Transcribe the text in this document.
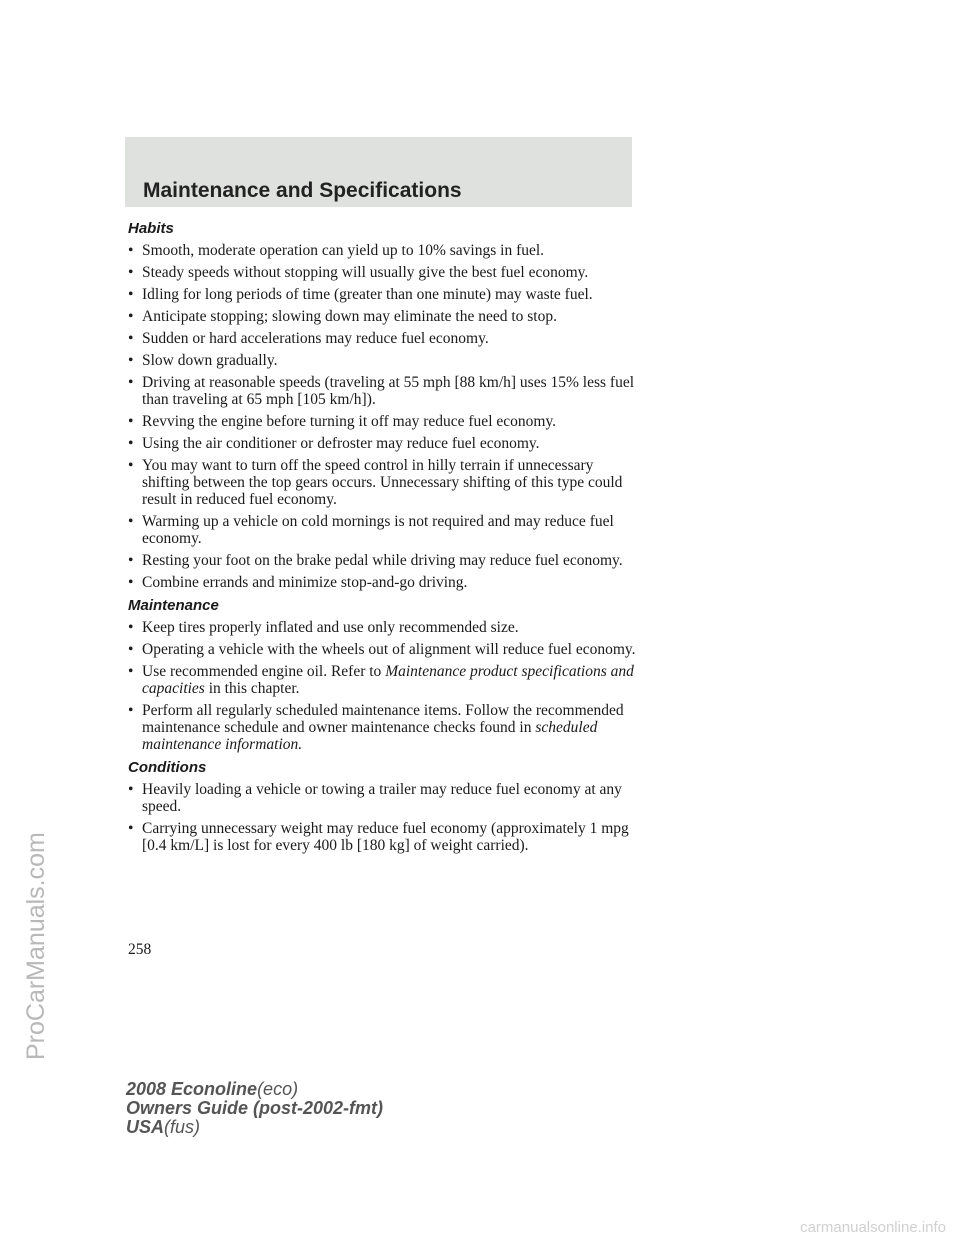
Maintenance and Specifications
Habits
• Smooth, moderate operation can yield up to 10% savings in fuel.
• Steady speeds without stopping will usually give the best fuel economy.
• Idling for long periods of time (greater than one minute) may waste fuel.
• Anticipate stopping; slowing down may eliminate the need to stop.
• Sudden or hard accelerations may reduce fuel economy.
• Slow down gradually.
• Driving at reasonable speeds (traveling at 55 mph [88 km/h] uses 15% less fuel than traveling at 65 mph [105 km/h]).
• Revving the engine before turning it off may reduce fuel economy.
• Using the air conditioner or defroster may reduce fuel economy.
• You may want to turn off the speed control in hilly terrain if unnecessary shifting between the top gears occurs. Unnecessary shifting of this type could result in reduced fuel economy.
• Warming up a vehicle on cold mornings is not required and may reduce fuel economy.
• Resting your foot on the brake pedal while driving may reduce fuel economy.
• Combine errands and minimize stop-and-go driving.
Maintenance
• Keep tires properly inflated and use only recommended size.
• Operating a vehicle with the wheels out of alignment will reduce fuel economy.
• Use recommended engine oil. Refer to Maintenance product specifications and capacities in this chapter.
• Perform all regularly scheduled maintenance items. Follow the recommended maintenance schedule and owner maintenance checks found in scheduled maintenance information.
Conditions
• Heavily loading a vehicle or towing a trailer may reduce fuel economy at any speed.
• Carrying unnecessary weight may reduce fuel economy (approximately 1 mpg [0.4 km/L] is lost for every 400 lb [180 kg] of weight carried).
258
2008 Econoline(eco)
Owners Guide (post-2002-fmt)
USA(fus)
ProCarManuals.com
carmanualsonline.info
